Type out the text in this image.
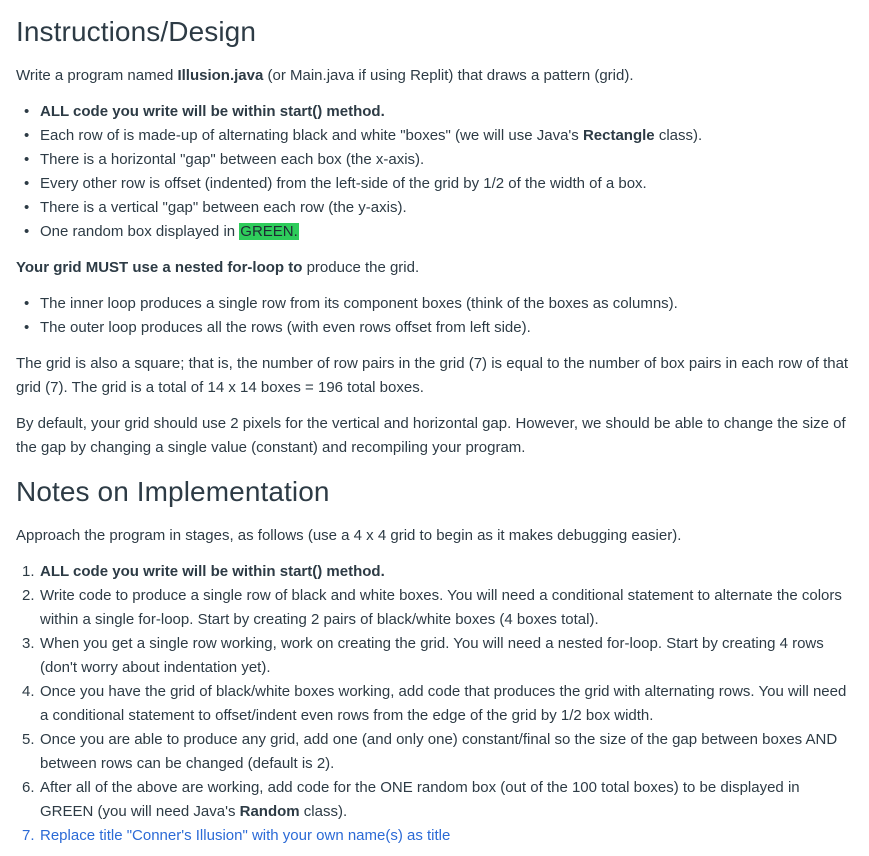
Instructions/Design

Write a program named Illusion.java (or Main.java if using Replit) that draws a pattern (grid).

• ALL code you write will be within start() method.
• Each row of is made-up of alternating black and white "boxes" (we will use Java's Rectangle class).
• There is a horizontal "gap" between each box (the x-axis).
• Every other row is offset (indented) from the left-side of the grid by 1/2 of the width of a box.
• There is a vertical "gap" between each row (the y-axis).
• One random box displayed in GREEN.

Your grid MUST use a nested for-loop to produce the grid.

• The inner loop produces a single row from its component boxes (think of the boxes as columns).
• The outer loop produces all the rows (with even rows offset from left side).

The grid is also a square; that is, the number of row pairs in the grid (7) is equal to the number of box pairs in each row of that grid (7). The grid is a total of 14 x 14 boxes = 196 total boxes.

By default, your grid should use 2 pixels for the vertical and horizontal gap. However, we should be able to change the size of the gap by changing a single value (constant) and recompiling your program.

Notes on Implementation

Approach the program in stages, as follows (use a 4 x 4 grid to begin as it makes debugging easier).

1. ALL code you write will be within start() method.
2. Write code to produce a single row of black and white boxes. You will need a conditional statement to alternate the colors within a single for-loop. Start by creating 2 pairs of black/white boxes (4 boxes total).
3. When you get a single row working, work on creating the grid. You will need a nested for-loop. Start by creating 4 rows (don't worry about indentation yet).
4. Once you have the grid of black/white boxes working, add code that produces the grid with alternating rows. You will need a conditional statement to offset/indent even rows from the edge of the grid by 1/2 box width.
5. Once you are able to produce any grid, add one (and only one) constant/final so the size of the gap between boxes AND between rows can be changed (default is 2).
6. After all of the above are working, add code for the ONE random box (out of the 100 total boxes) to be displayed in GREEN (you will need Java's Random class).
7. Replace title "Conner's Illusion" with your own name(s) as title
